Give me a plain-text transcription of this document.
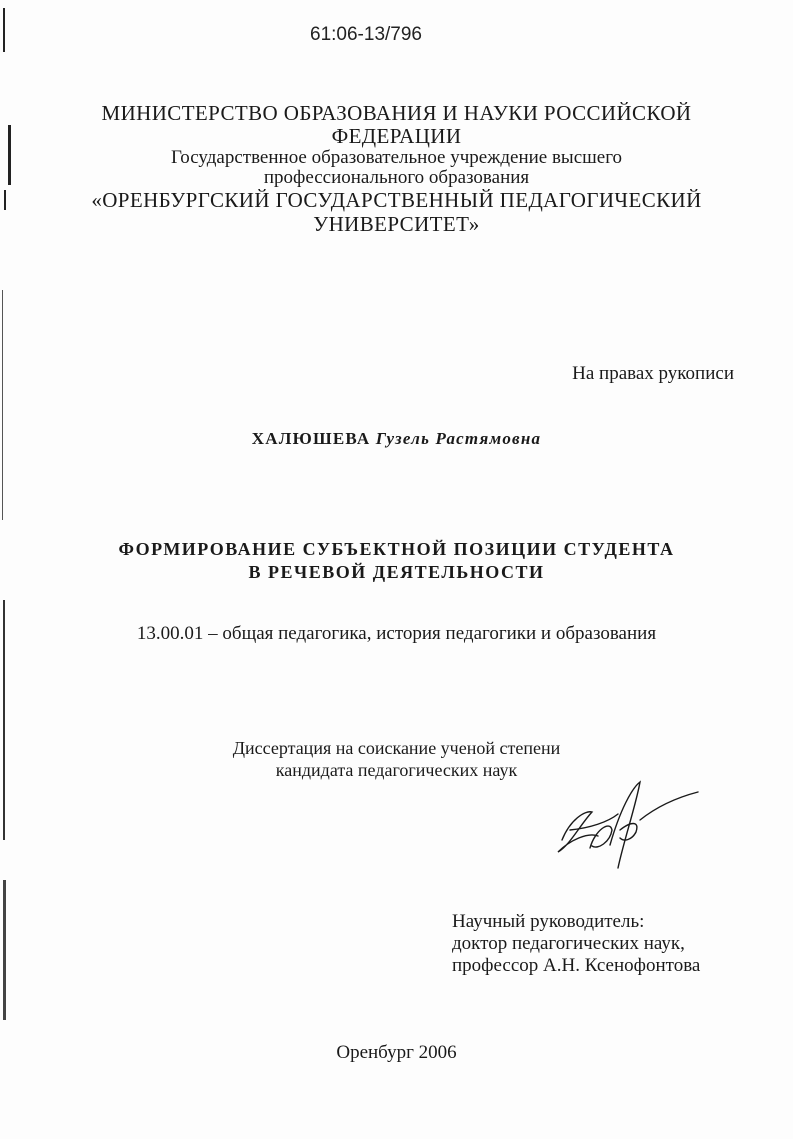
61:06-13/796

МИНИСТЕРСТВО ОБРАЗОВАНИЯ И НАУКИ РОССИЙСКОЙ

ФЕДЕРАЦИИ

Государственное образовательное учреждение высшего

профессионального образования

«ОРЕНБУРГСКИЙ ГОСУДАРСТВЕННЫЙ ПЕДАГОГИЧЕСКИЙ

УНИВЕРСИТЕТ»

На правах рукописи

ХАЛЮШЕВА Гузель Растямовна

ФОРМИРОВАНИЕ СУБЪЕКТНОЙ ПОЗИЦИИ СТУДЕНТА

В РЕЧЕВОЙ ДЕЯТЕЛЬНОСТИ

13.00.01 – общая педагогика, история педагогики и образования

Диссертация на соискание ученой степени

кандидата педагогических наук

Научный руководитель:

доктор педагогических наук,

профессор А.Н. Ксенофонтова

Оренбург 2006
